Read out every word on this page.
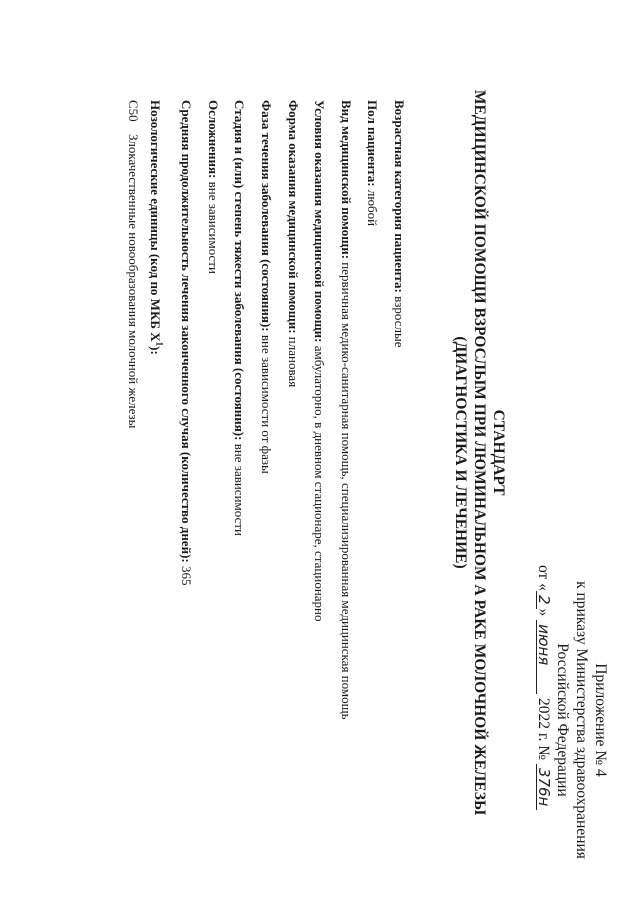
Приложение № 4
к приказу Министерства здравоохранения
Российской Федерации
от «2» июня 2022 г. № 376н
СТАНДАРТ
МЕДИЦИНСКОЙ ПОМОЩИ ВЗРОСЛЫМ ПРИ ЛЮМИНАЛЬНОМ А РАКЕ МОЛОЧНОЙ ЖЕЛЕЗЫ
(ДИАГНОСТИКА И ЛЕЧЕНИЕ)
Возрастная категория пациента: взрослые
Пол пациента: любой
Вид медицинской помощи: первичная медико-санитарная помощь, специализированная медицинская помощь
Условия оказания медицинской помощи: амбулаторно, в дневном стационаре, стационарно
Форма оказания медицинской помощи: плановая
Фаза течения заболевания (состояния): вне зависимости от фазы
Стадия и (или) степень тяжести заболевания (состояния): вне зависимости
Осложнения: вне зависимости
Средняя продолжительность лечения законченного случая (количество дней): 365
Нозологические единицы (код по МКБ $X^1$):
C50
Злокачественные новообразования молочной железы
